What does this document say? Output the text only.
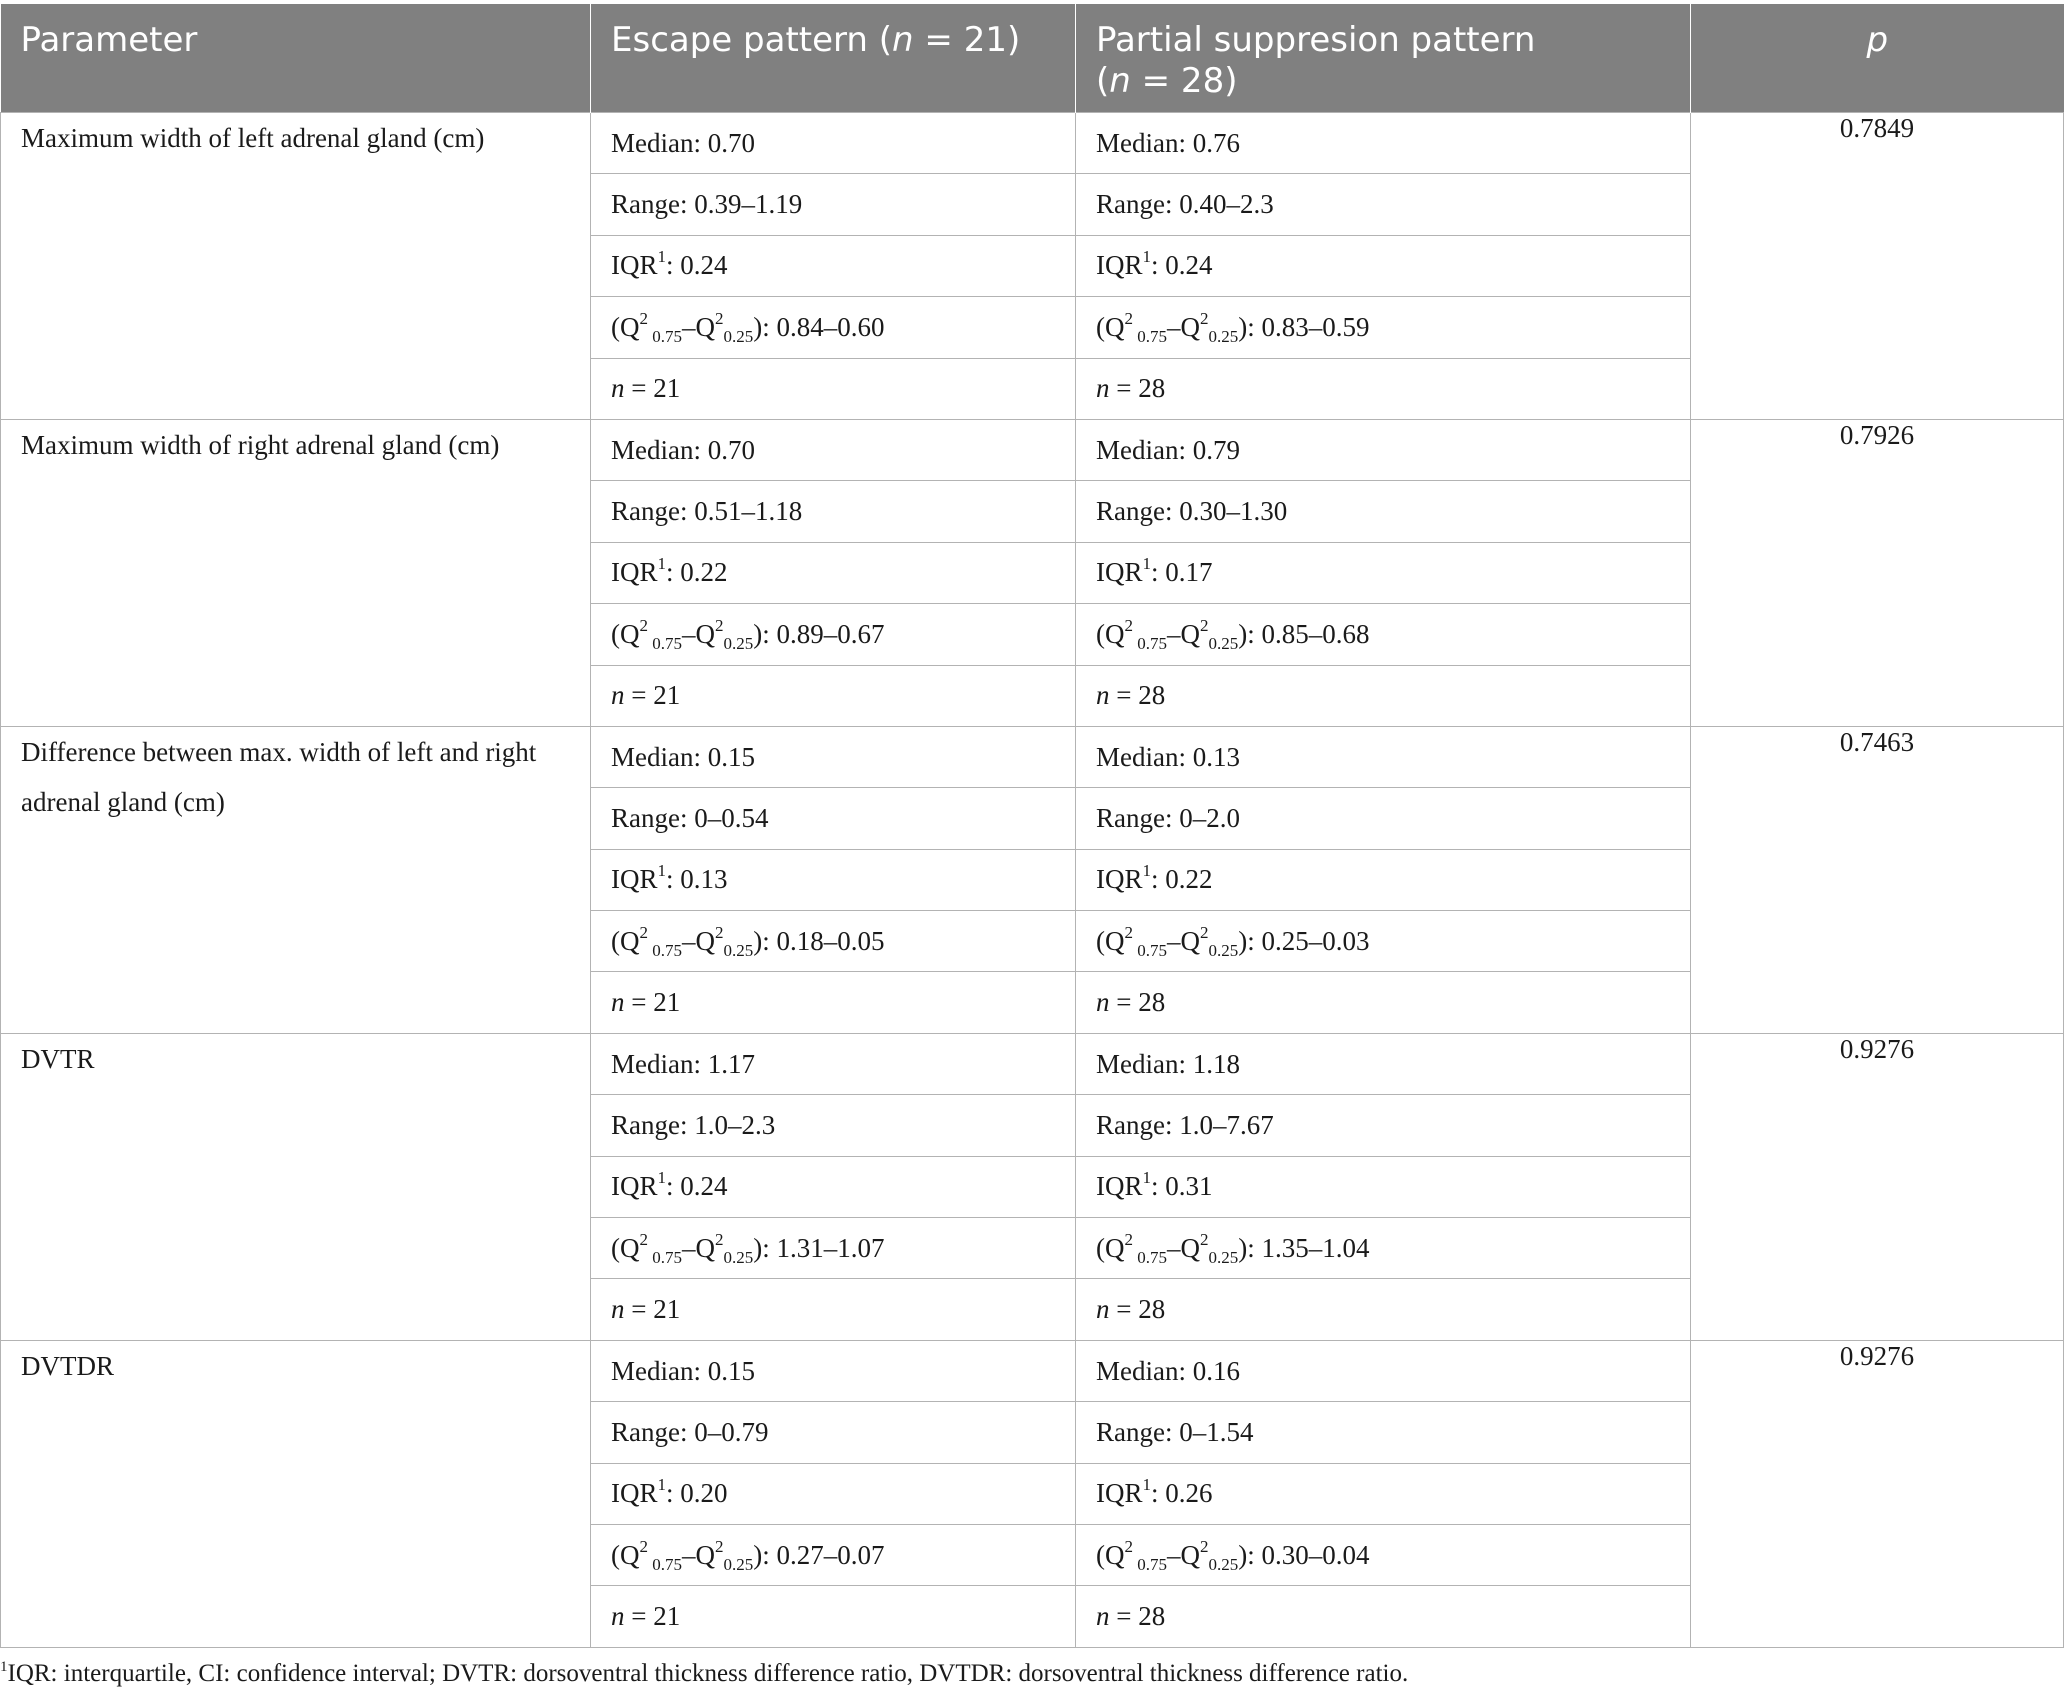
Parameter	Escape pattern (n = 21)	Partial suppresion pattern
(n = 28)	p
Maximum width of left adrenal gland (cm)	Median: 0.70	Median: 0.76	0.7849
	Range: 0.39–1.19	Range: 0.40–2.3	
	IQR$^1$: 0.24	IQR$^1$: 0.24	
	($Q^2$ $_{0.75}-Q^2_{0.25}$): 0.84–0.60	($Q^2$ $_{0.75}-Q^2_{0.25}$): 0.83–0.59	
	n = 21	n = 28	
Maximum width of right adrenal gland (cm)	Median: 0.70	Median: 0.79	0.7926
	Range: 0.51–1.18	Range: 0.30–1.30	
	IQR$^1$: 0.22	IQR$^1$: 0.17	
	($Q^2$ $_{0.75}-Q^2_{0.25}$): 0.89–0.67	($Q^2$ $_{0.75}-Q^2_{0.25}$): 0.85–0.68	
	n = 21	n = 28	
Difference between max. width of left and right adrenal gland (cm)	Median: 0.15	Median: 0.13	0.7463
	Range: 0–0.54	Range: 0–2.0	
	IQR$^1$: 0.13	IQR$^1$: 0.22	
	($Q^2$ $_{0.75}-Q^2_{0.25}$): 0.18–0.05	($Q^2$ $_{0.75}-Q^2_{0.25}$): 0.25–0.03	
	n = 21	n = 28	
DVTR	Median: 1.17	Median: 1.18	0.9276
	Range: 1.0–2.3	Range: 1.0–7.67	
	IQR$^1$: 0.24	IQR$^1$: 0.31	
	($Q^2$ $_{0.75}-Q^2_{0.25}$): 1.31–1.07	($Q^2$ $_{0.75}-Q^2_{0.25}$): 1.35–1.04	
	n = 21	n = 28	
DVTDR	Median: 0.15	Median: 0.16	0.9276
	Range: 0–0.79	Range: 0–1.54	
	IQR$^1$: 0.20	IQR$^1$: 0.26	
	($Q^2$ $_{0.75}-Q^2_{0.25}$): 0.27–0.07	($Q^2$ $_{0.75}-Q^2_{0.25}$): 0.30–0.04	
	n = 21	n = 28	
$^1$IQR: interquartile, CI: confidence interval; DVTR: dorsoventral thickness difference ratio, DVTDR: dorsoventral thickness difference ratio.
